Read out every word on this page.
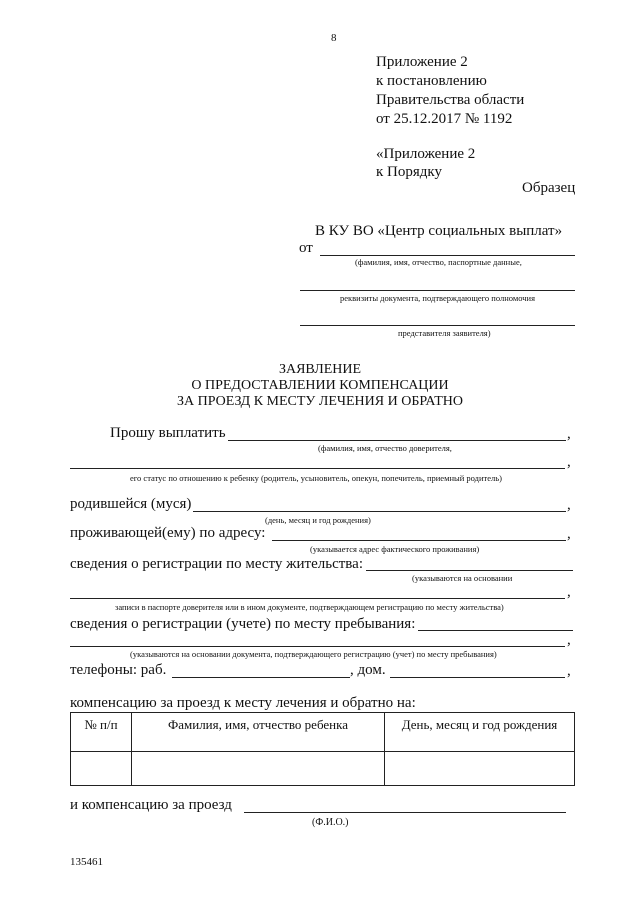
8
Приложение 2
к постановлению
Правительства области
от 25.12.2017 № 1192
«Приложение 2
к Порядку
Образец
В КУ ВО «Центр социальных выплат»
от
(фамилия, имя, отчество, паспортные данные,
реквизиты документа, подтверждающего полномочия
представителя заявителя)
ЗАЯВЛЕНИЕ
О ПРЕДОСТАВЛЕНИИ КОМПЕНСАЦИИ
ЗА ПРОЕЗД К МЕСТУ ЛЕЧЕНИЯ И ОБРАТНО
Прошу выплатить	,
(фамилия, имя, отчество доверителя,
,
его статус по отношению к ребенку (родитель, усыновитель, опекун, попечитель, приемный родитель)
родившейся (муся)	,
(день, месяц и год рождения)
проживающей(ему) по адресу:	,
(указывается адрес фактического проживания)
сведения о регистрации по месту жительства:
(указываются на основании
,
записи в паспорте доверителя или в ином документе, подтверждающем регистрацию по месту жительства)
сведения о регистрации (учете) по месту пребывания:
,
(указываются на основании документа, подтверждающего регистрацию (учет) по месту пребывания)
телефоны: раб.	, дом.	,
компенсацию за проезд к месту лечения и обратно на:
№ п/п	Фамилия, имя, отчество ребенка	День, месяц и год рождения

и компенсацию за проезд
(Ф.И.О.)
135461
